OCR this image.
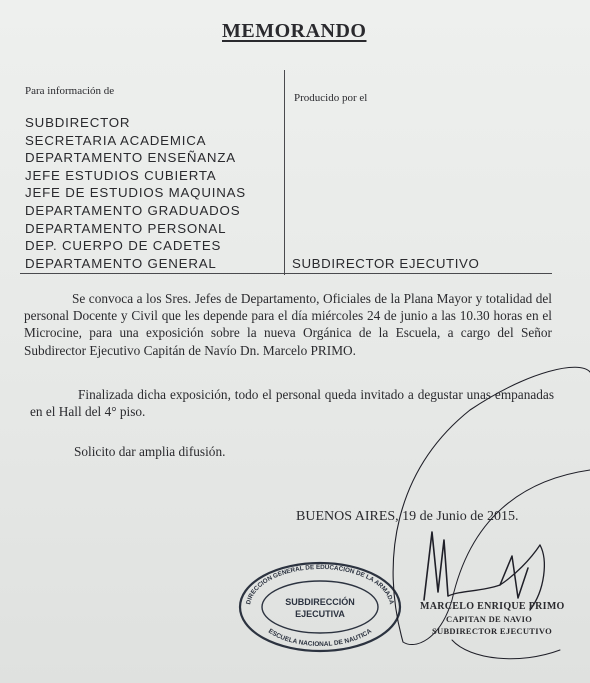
MEMORANDO
Para información de
Producido por el
SUBDIRECTOR
SECRETARIA ACADEMICA
DEPARTAMENTO ENSEÑANZA
JEFE ESTUDIOS CUBIERTA
JEFE DE ESTUDIOS MAQUINAS
DEPARTAMENTO GRADUADOS
DEPARTAMENTO PERSONAL
DEP. CUERPO DE CADETES
DEPARTAMENTO GENERAL	SUBDIRECTOR EJECUTIVO
Se convoca a los Sres. Jefes de Departamento, Oficiales de la Plana Mayor y totalidad del personal Docente y Civil que les depende para el día miércoles 24 de junio a las 10.30 horas en el Microcine, para una exposición sobre la nueva Orgánica de la Escuela, a cargo del Señor Subdirector Ejecutivo Capitán de Navío Dn. Marcelo PRIMO.
Finalizada dicha exposición, todo el personal queda invitado a degustar unas empanadas en el Hall del 4° piso.
Solicito dar amplia difusión.
BUENOS AIRES, 19 de Junio de 2015.
DIRECCION GENERAL DE EDUCACION DE LA ARMADA
ESCUELA NACIONAL DE NAUTICA
SUBDIRECCIÓN
EJECUTIVA
MARCELO ENRIQUE PRIMO
CAPITAN DE NAVIO
SUBDIRECTOR EJECUTIVO
